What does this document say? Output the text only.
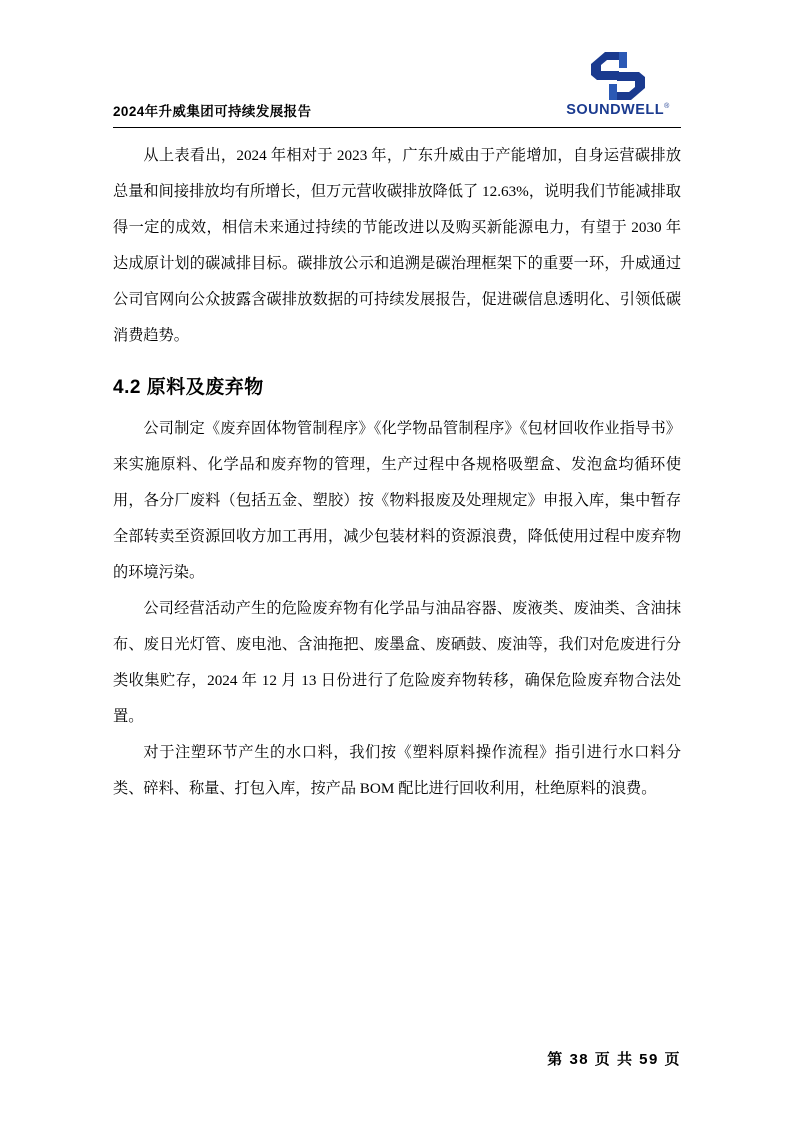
2024年升威集团可持续发展报告	SOUNDWELL®

从上表看出，2024 年相对于 2023 年，广东升威由于产能增加，自身运营碳排放总量和间接排放均有所增长，但万元营收碳排放降低了 12.63%，说明我们节能减排取得一定的成效，相信未来通过持续的节能改进以及购买新能源电力，有望于 2030 年达成原计划的碳减排目标。碳排放公示和追溯是碳治理框架下的重要一环，升威通过公司官网向公众披露含碳排放数据的可持续发展报告，促进碳信息透明化、引领低碳消费趋势。

4.2 原料及废弃物

公司制定《废弃固体物管制程序》《化学物品管制程序》《包材回收作业指导书》来实施原料、化学品和废弃物的管理，生产过程中各规格吸塑盒、发泡盒均循环使用，各分厂废料（包括五金、塑胶）按《物料报废及处理规定》申报入库，集中暂存全部转卖至资源回收方加工再用，减少包装材料的资源浪费，降低使用过程中废弃物的环境污染。

公司经营活动产生的危险废弃物有化学品与油品容器、废液类、废油类、含油抹布、废日光灯管、废电池、含油拖把、废墨盒、废硒鼓、废油等，我们对危废进行分类收集贮存，2024 年 12 月 13 日份进行了危险废弃物转移，确保危险废弃物合法处置。

对于注塑环节产生的水口料，我们按《塑料原料操作流程》指引进行水口料分类、碎料、称量、打包入库，按产品 BOM 配比进行回收利用，杜绝原料的浪费。

第 38 页 共 59 页
